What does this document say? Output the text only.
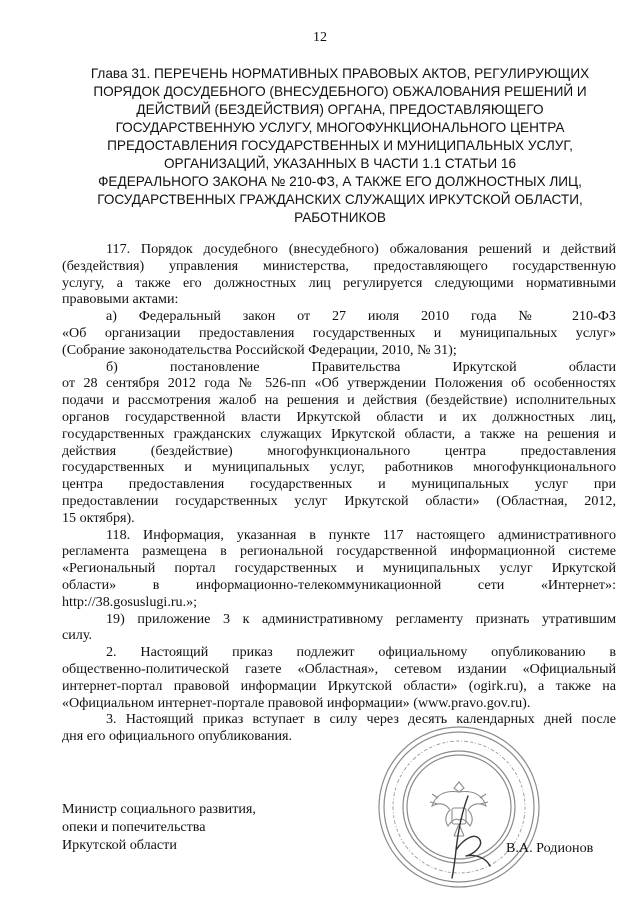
12
Глава 31. ПЕРЕЧЕНЬ НОРМАТИВНЫХ ПРАВОВЫХ АКТОВ, РЕГУЛИРУЮЩИХ
ПОРЯДОК ДОСУДЕБНОГО (ВНЕСУДЕБНОГО) ОБЖАЛОВАНИЯ РЕШЕНИЙ И
ДЕЙСТВИЙ (БЕЗДЕЙСТВИЯ) ОРГАНА, ПРЕДОСТАВЛЯЮЩЕГО
ГОСУДАРСТВЕННУЮ УСЛУГУ, МНОГОФУНКЦИОНАЛЬНОГО ЦЕНТРА
ПРЕДОСТАВЛЕНИЯ ГОСУДАРСТВЕННЫХ И МУНИЦИПАЛЬНЫХ УСЛУГ,
ОРГАНИЗАЦИЙ, УКАЗАННЫХ В ЧАСТИ 1.1 СТАТЬИ 16
ФЕДЕРАЛЬНОГО ЗАКОНА № 210-ФЗ, А ТАКЖЕ ЕГО ДОЛЖНОСТНЫХ ЛИЦ,
ГОСУДАРСТВЕННЫХ ГРАЖДАНСКИХ СЛУЖАЩИХ ИРКУТСКОЙ ОБЛАСТИ,
РАБОТНИКОВ
117. Порядок досудебного (внесудебного) обжалования решений и действий
(бездействия) управления министерства, предоставляющего государственную
услугу, а также его должностных лиц регулируется следующими нормативными
правовыми актами:
а) Федеральный закон от 27 июля 2010 года № 210-ФЗ
«Об организации предоставления государственных и муниципальных услуг»
(Собрание законодательства Российской Федерации, 2010, № 31);
б) постановление Правительства Иркутской области
от 28 сентября 2012 года № 526-пп «Об утверждении Положения об особенностях
подачи и рассмотрения жалоб на решения и действия (бездействие) исполнительных
органов государственной власти Иркутской области и их должностных лиц,
государственных гражданских служащих Иркутской области, а также на решения и
действия (бездействие) многофункционального центра предоставления
государственных и муниципальных услуг, работников многофункционального
центра предоставления государственных и муниципальных услуг при
предоставлении государственных услуг Иркутской области» (Областная, 2012,
15 октября).
118. Информация, указанная в пункте 117 настоящего административного
регламента размещена в региональной государственной информационной системе
«Региональный портал государственных и муниципальных услуг Иркутской
области» в информационно-телекоммуникационной сети «Интернет»:
http://38.gosuslugi.ru.»;
19) приложение 3 к административному регламенту признать утратившим
силу.
2. Настоящий приказ подлежит официальному опубликованию в
общественно-политической газете «Областная», сетевом издании «Официальный
интернет-портал правовой информации Иркутской области» (ogirk.ru), а также на
«Официальном интернет-портале правовой информации» (www.pravo.gov.ru).
3. Настоящий приказ вступает в силу через десять календарных дней после
дня его официального опубликования.
Министр социального развития,
опеки и попечительства
Иркутской области	В.А. Родионов
